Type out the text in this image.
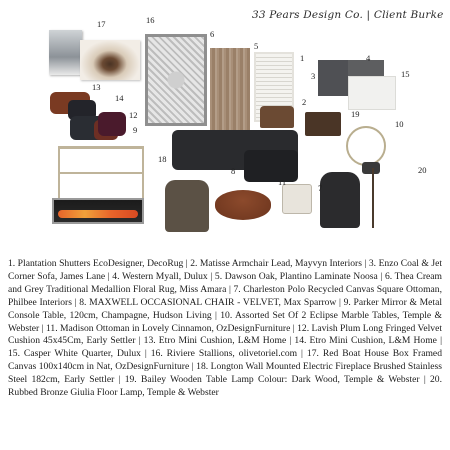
33 Pears Design Co. | Client Burke
17	16
6
5
1
2
3
4
15
13
14
12
9
19
10
18
8
11
7
20
1. Plantation Shutters EcoDesigner, DecoRug | 2. Matisse Armchair Lead, Mayvyn Interiors | 3. Enzo Coal & Jet Corner Sofa, James Lane | 4. Western Myall, Dulux | 5. Dawson Oak, Plantino Laminate Noosa | 6. Thea Cream and Grey Traditional Medallion Floral Rug, Miss Amara | 7. Charleston Polo Recycled Canvas Square Ottoman, Philbee Interiors | 8. MAXWELL OCCASIONAL CHAIR - VELVET, Max Sparrow | 9. Parker Mirror & Metal Console Table, 120cm, Champagne, Hudson Living | 10. Assorted Set Of 2 Eclipse Marble Tables, Temple & Webster | 11. Madison Ottoman in Lovely Cinnamon, OzDesignFurniture | 12. Lavish Plum Long Fringed Velvet Cushion 45x45Cm, Early Settler | 13. Etro Mini Cushion, L&M Home | 14. Etro Mini Cushion, L&M Home | 15. Casper White Quarter, Dulux | 16. Riviere Stallions, olivetoriel.com | 17. Red Boat House Box Framed Canvas 100x140cm in Nat, OzDesignFurniture | 18. Longton Wall Mounted Electric Fireplace Brushed Stainless Steel 182cm, Early Settler | 19. Bailey Wooden Table Lamp Colour: Dark Wood, Temple & Webster | 20. Rubbed Bronze Giulia Floor Lamp, Temple & Webster
